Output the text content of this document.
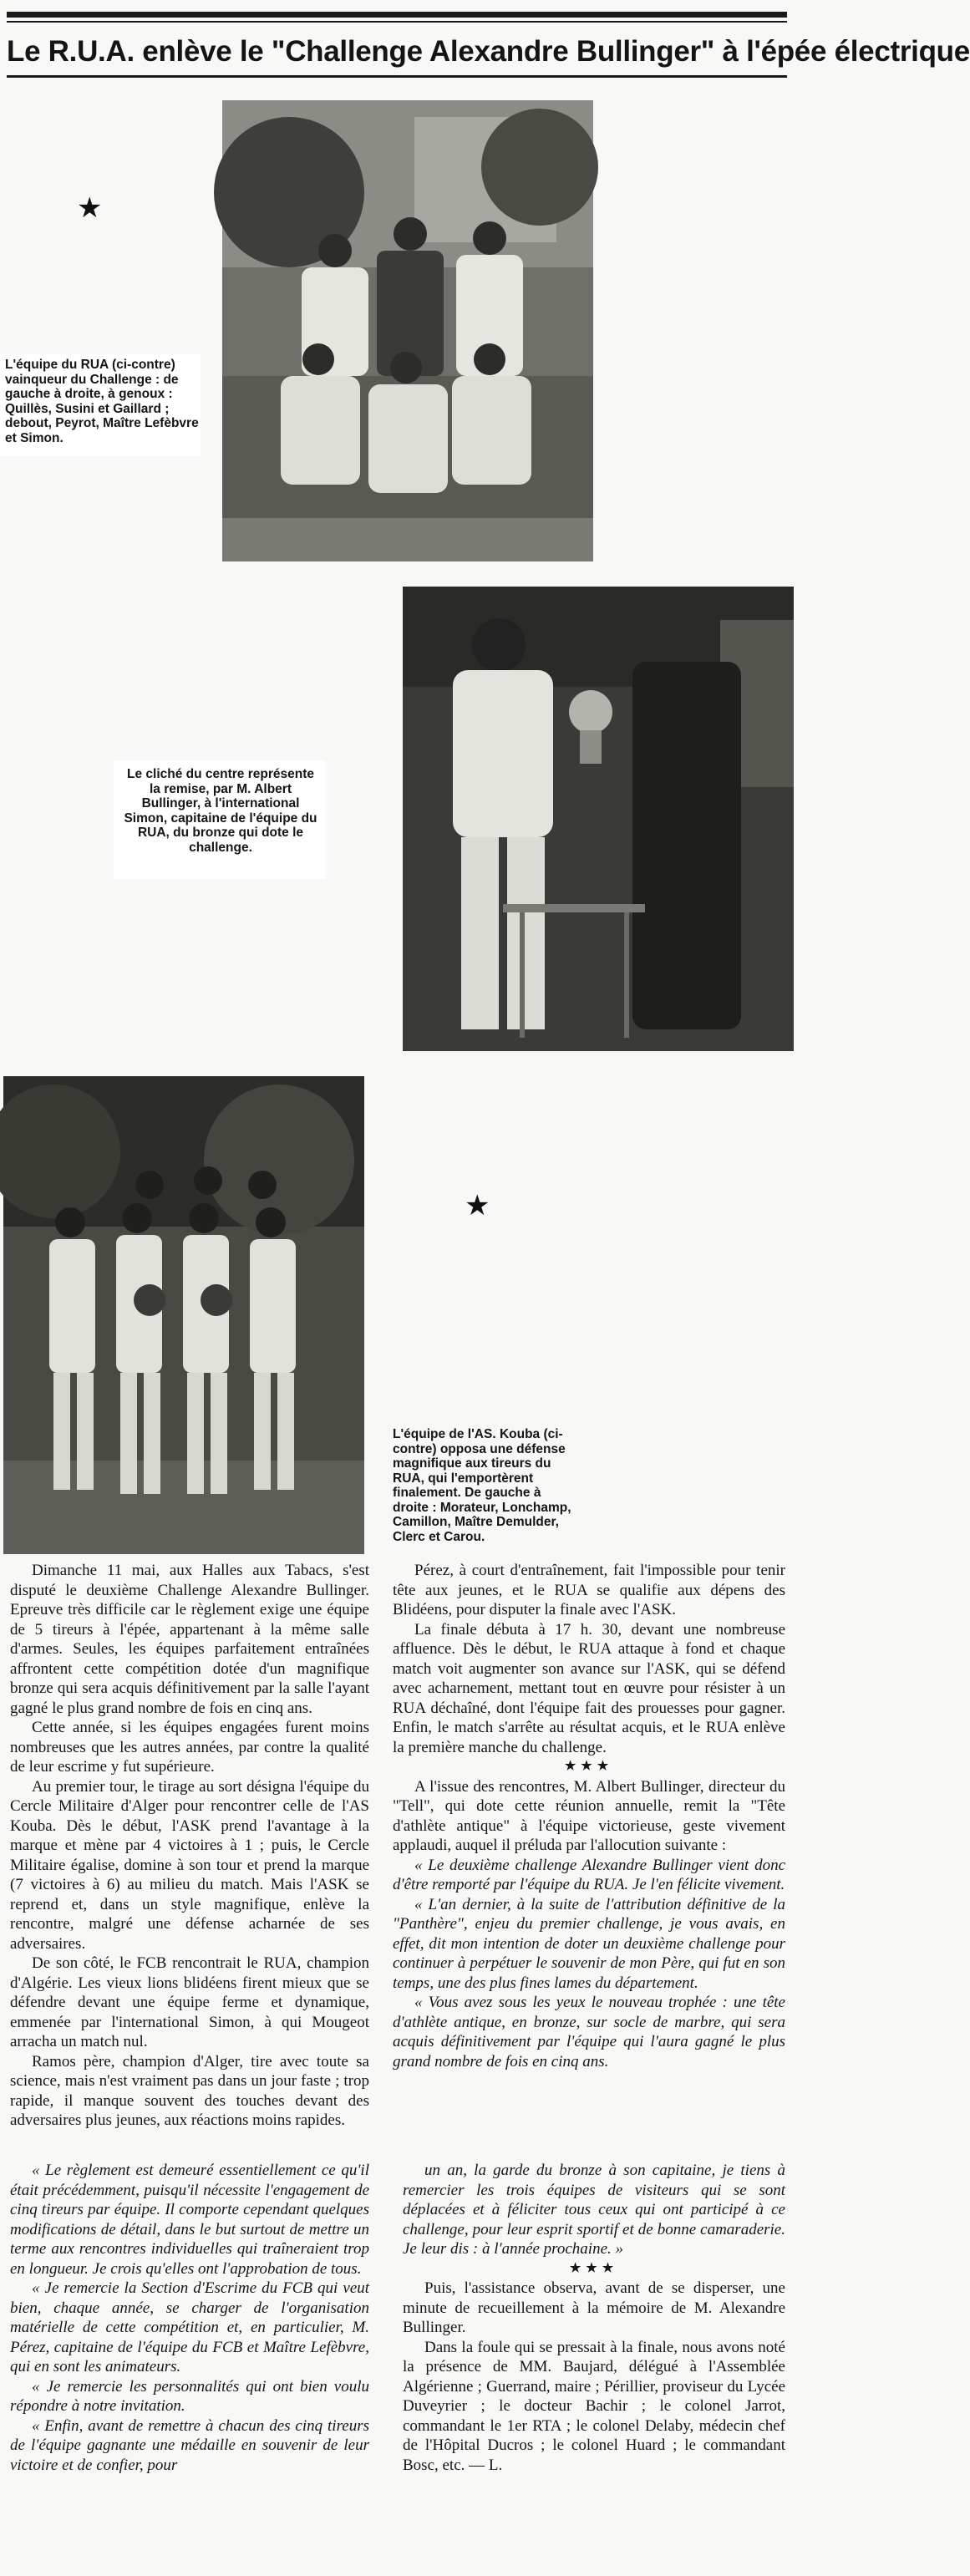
Le R.U.A. enlève le "Challenge Alexandre Bullinger" à l'épée électrique
★
L'équipe du RUA (ci-contre) vainqueur du Challenge : de gauche à droite, à genoux : Quillès, Susini et Gaillard ; debout, Peyrot, Maître Lefèbvre et Simon.
Le cliché du centre représente la remise, par M. Albert Bullinger, à l'international Simon, capitaine de l'équipe du RUA, du bronze qui dote le challenge.
★
L'équipe de l'AS. Kouba (ci-contre) opposa une défense magnifique aux tireurs du RUA, qui l'emportèrent finalement. De gauche à droite : Morateur, Lonchamp, Camillon, Maître Demulder, Clerc et Carou.

Dimanche 11 mai, aux Halles aux Tabacs, s'est disputé le deuxième Challenge Alexandre Bullinger. Epreuve très difficile car le règlement exige une équipe de 5 tireurs à l'épée, appartenant à la même salle d'armes. Seules, les équipes parfaitement entraînées affrontent cette compétition dotée d'un magnifique bronze qui sera acquis définitivement par la salle l'ayant gagné le plus grand nombre de fois en cinq ans.

Cette année, si les équipes engagées furent moins nombreuses que les autres années, par contre la qualité de leur escrime y fut supérieure.

Au premier tour, le tirage au sort désigna l'équipe du Cercle Militaire d'Alger pour rencontrer celle de l'AS Kouba. Dès le début, l'ASK prend l'avantage à la marque et mène par 4 victoires à 1 ; puis, le Cercle Militaire égalise, domine à son tour et prend la marque (7 victoires à 6) au milieu du match. Mais l'ASK se reprend et, dans un style magnifique, enlève la rencontre, malgré une défense acharnée de ses adversaires.

De son côté, le FCB rencontrait le RUA, champion d'Algérie. Les vieux lions blidéens firent mieux que se défendre devant une équipe ferme et dynamique, emmenée par l'international Simon, à qui Mougeot arracha un match nul.

Ramos père, champion d'Alger, tire avec toute sa science, mais n'est vraiment pas dans un jour faste ; trop rapide, il manque souvent des touches devant des adversaires plus jeunes, aux réactions moins rapides.

Pérez, à court d'entraînement, fait l'impossible pour tenir tête aux jeunes, et le RUA se qualifie aux dépens des Blidéens, pour disputer la finale avec l'ASK.

La finale débuta à 17 h. 30, devant une nombreuse affluence. Dès le début, le RUA attaque à fond et chaque match voit augmenter son avance sur l'ASK, qui se défend avec acharnement, mettant tout en œuvre pour résister à un RUA déchaîné, dont l'équipe fait des prouesses pour gagner. Enfin, le match s'arrête au résultat acquis, et le RUA enlève la première manche du challenge.

★★★

A l'issue des rencontres, M. Albert Bullinger, directeur du "Tell", qui dote cette réunion annuelle, remit la "Tête d'athlète antique" à l'équipe victorieuse, geste vivement applaudi, auquel il préluda par l'allocution suivante :

« Le deuxième challenge Alexandre Bullinger vient donc d'être remporté par l'équipe du RUA. Je l'en félicite vivement.

« L'an dernier, à la suite de l'attribution définitive de la "Panthère", enjeu du premier challenge, je vous avais, en effet, dit mon intention de doter un deuxième challenge pour continuer à perpétuer le souvenir de mon Père, qui fut en son temps, une des plus fines lames du département.

« Vous avez sous les yeux le nouveau trophée : une tête d'athlète antique, en bronze, sur socle de marbre, qui sera acquis définitivement par l'équipe qui l'aura gagné le plus grand nombre de fois en cinq ans.

« Le règlement est demeuré essentiellement ce qu'il était précédemment, puisqu'il nécessite l'engagement de cinq tireurs par équipe. Il comporte cependant quelques modifications de détail, dans le but surtout de mettre un terme aux rencontres individuelles qui traîneraient trop en longueur. Je crois qu'elles ont l'approbation de tous.

« Je remercie la Section d'Escrime du FCB qui veut bien, chaque année, se charger de l'organisation matérielle de cette compétition et, en particulier, M. Pérez, capitaine de l'équipe du FCB et Maître Lefèbvre, qui en sont les animateurs.

« Je remercie les personnalités qui ont bien voulu répondre à notre invitation.

« Enfin, avant de remettre à chacun des cinq tireurs de l'équipe gagnante une médaille en souvenir de leur victoire et de confier, pour

un an, la garde du bronze à son capitaine, je tiens à remercier les trois équipes de visiteurs qui se sont déplacées et à féliciter tous ceux qui ont participé à ce challenge, pour leur esprit sportif et de bonne camaraderie. Je leur dis : à l'année prochaine. »

★★★

Puis, l'assistance observa, avant de se disperser, une minute de recueillement à la mémoire de M. Alexandre Bullinger.

Dans la foule qui se pressait à la finale, nous avons noté la présence de MM. Baujard, délégué à l'Assemblée Algérienne ; Guerrand, maire ; Périllier, proviseur du Lycée Duveyrier ; le docteur Bachir ; le colonel Jarrot, commandant le 1er RTA ; le colonel Delaby, médecin chef de l'Hôpital Ducros ; le colonel Huard ; le commandant Bosc, etc. — L.
